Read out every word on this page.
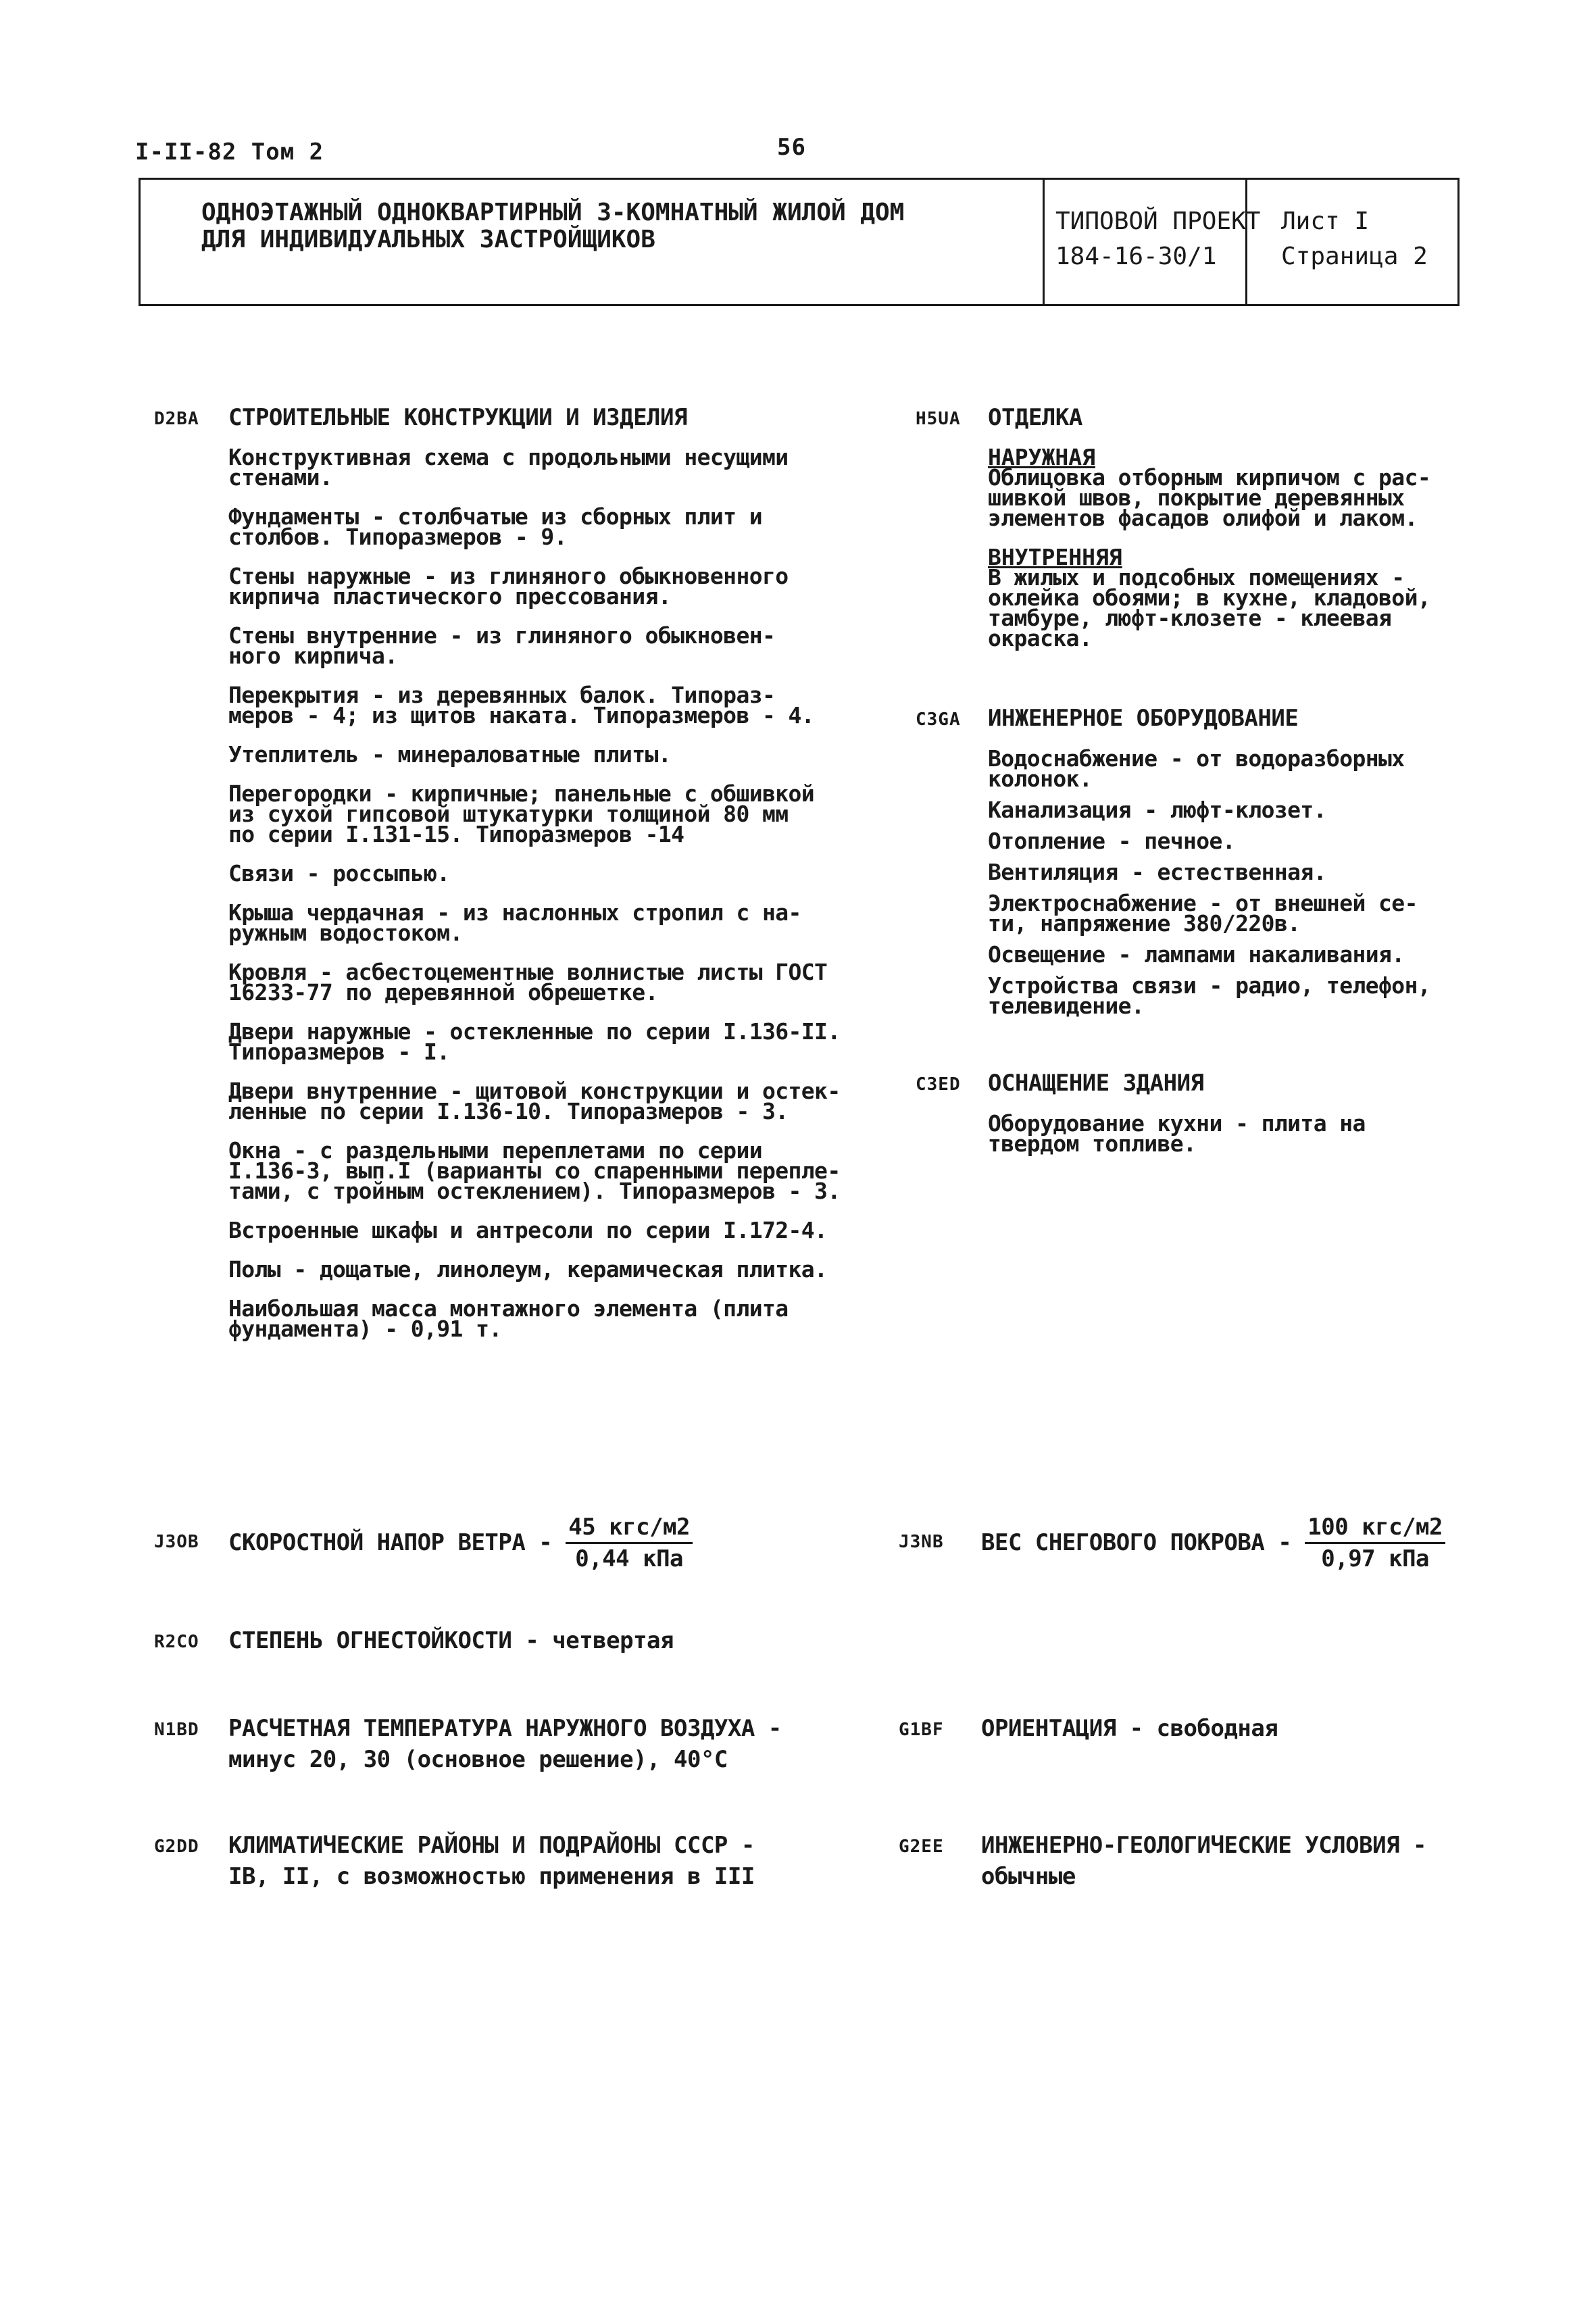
I-II-82 Том 2	56
ОДНОЭТАЖНЫЙ ОДНОКВАРТИРНЫЙ 3-КОМНАТНЫЙ ЖИЛОЙ ДОМ
ДЛЯ ИНДИВИДУАЛЬНЫХ ЗАСТРОЙЩИКОВ
ТИПОВОЙ ПРОЕКТ
184-16-30/1
Лист I
Страница 2
D2BA СТРОИТЕЛЬНЫЕ КОНСТРУКЦИИ И ИЗДЕЛИЯ

Конструктивная схема с продольными несущими

стенами.

Фундаменты - столбчатые из сборных плит и

столбов. Типоразмеров - 9.

Стены наружные - из глиняного обыкновенного

кирпича пластического прессования.

Стены внутренние - из глиняного обыкновен-

ного кирпича.

Перекрытия - из деревянных балок. Типораз-

меров - 4; из щитов наката. Типоразмеров - 4.

Утеплитель - минераловатные плиты.

Перегородки - кирпичные; панельные с обшивкой

из сухой гипсовой штукатурки толщиной 80 мм

по серии I.131-15. Типоразмеров -14

Связи - россыпью.

Крыша чердачная - из наслонных стропил с на-

ружным водостоком.

Кровля - асбестоцементные волнистые листы ГОСТ

16233-77 по деревянной обрешетке.

Двери наружные - остекленные по серии I.136-II.

Типоразмеров - I.

Двери внутренние - щитовой конструкции и остек-

ленные по серии I.136-10. Типоразмеров - 3.

Окна - с раздельными переплетами по серии

I.136-3, вып.I (варианты со спаренными перепле-

тами, с тройным остеклением). Типоразмеров - 3.

Встроенные шкафы и антресоли по серии I.172-4.

Полы - дощатые, линолеум, керамическая плитка.

Наибольшая масса монтажного элемента (плита

фундамента) - 0,91 т.

H5UA ОТДЕЛКА

НАРУЖНАЯ

Облицовка отборным кирпичом с рас-

шивкой швов, покрытие деревянных

элементов фасадов олифой и лаком.

ВНУТРЕННЯЯ

В жилых и подсобных помещениях -

оклейка обоями; в кухне, кладовой,

тамбуре, люфт-клозете - клеевая

окраска.

C3GA ИНЖЕНЕРНОЕ ОБОРУДОВАНИЕ

Водоснабжение - от водоразборных

колонок.

Канализация - люфт-клозет.

Отопление - печное.

Вентиляция - естественная.

Электроснабжение - от внешней се-

ти, напряжение 380/220в.

Освещение - лампами накаливания.

Устройства связи - радио, телефон,

телевидение.

C3ED ОСНАЩЕНИЕ ЗДАНИЯ

Оборудование кухни - плита на

твердом топливе.

J3OB СКОРОСТНОЙ НАПОР ВЕТРА - $\frac{\text{45 кгс/м2}}{\text{0,44 кПа}}$	J3NB ВЕС СНЕГОВОГО ПОКРОВА - $\frac{\text{100 кгс/м2}}{\text{0,97 кПа}}$
R2CO СТЕПЕНЬ ОГНЕСТОЙКОСТИ - четвертая
N1BD РАСЧЕТНАЯ ТЕМПЕРАТУРА НАРУЖНОГО ВОЗДУХА -
минус 20, 30 (основное решение), 40°С
G1BF ОРИЕНТАЦИЯ - свободная
G2DD КЛИМАТИЧЕСКИЕ РАЙОНЫ И ПОДРАЙОНЫ СССР -
IВ, II, с возможностью применения в III
G2EE ИНЖЕНЕРНО-ГЕОЛОГИЧЕСКИЕ УСЛОВИЯ -
обычные
